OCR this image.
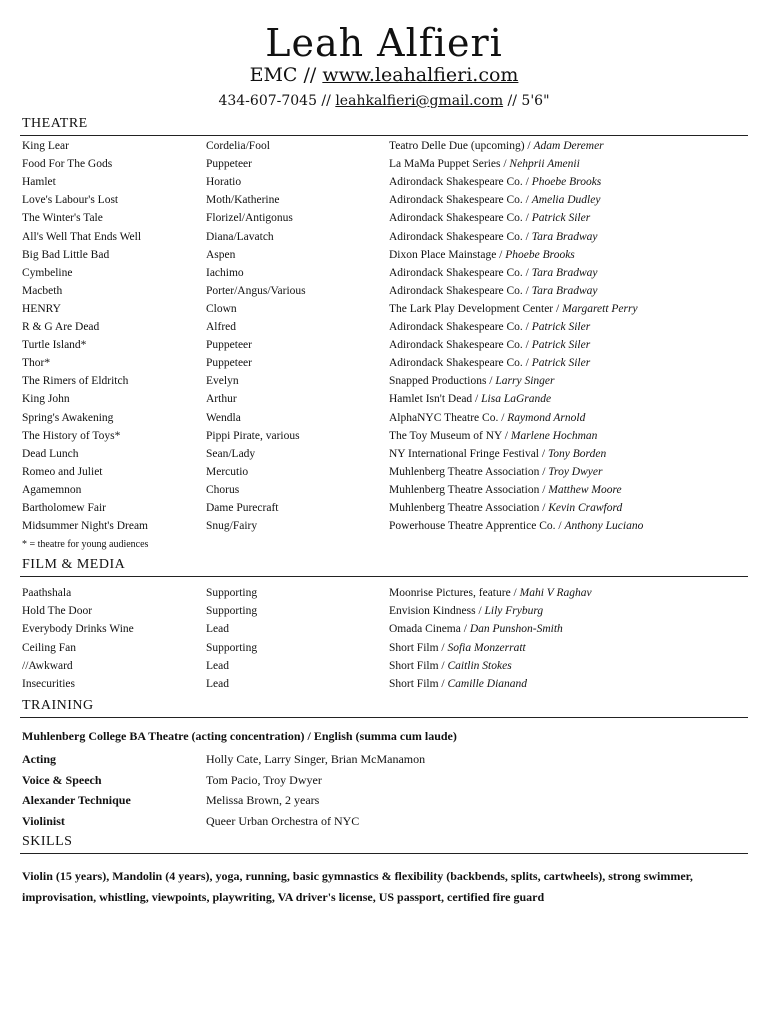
Leah Alfieri
EMC // www.leahalfieri.com
434-607-7045 // leahkalfieri@gmail.com // 5'6"
THEATRE
King Lear	Cordelia/Fool	Teatro Delle Due (upcoming) / Adam Deremer
Food For The Gods	Puppeteer	La MaMa Puppet Series / Nehprii Amenii
Hamlet	Horatio	Adirondack Shakespeare Co. / Phoebe Brooks
Love's Labour's Lost	Moth/Katherine	Adirondack Shakespeare Co. / Amelia Dudley
The Winter's Tale	Florizel/Antigonus	Adirondack Shakespeare Co. / Patrick Siler
All's Well That Ends Well	Diana/Lavatch	Adirondack Shakespeare Co. / Tara Bradway
Big Bad Little Bad	Aspen	Dixon Place Mainstage / Phoebe Brooks
Cymbeline	Iachimo	Adirondack Shakespeare Co. / Tara Bradway
Macbeth	Porter/Angus/Various	Adirondack Shakespeare Co. / Tara Bradway
HENRY	Clown	The Lark Play Development Center / Margarett Perry
R & G Are Dead	Alfred	Adirondack Shakespeare Co. / Patrick Siler
Turtle Island*	Puppeteer	Adirondack Shakespeare Co. / Patrick Siler
Thor*	Puppeteer	Adirondack Shakespeare Co. / Patrick Siler
The Rimers of Eldritch	Evelyn	Snapped Productions / Larry Singer
King John	Arthur	Hamlet Isn't Dead / Lisa LaGrande
Spring's Awakening	Wendla	AlphaNYC Theatre Co. / Raymond Arnold
The History of Toys*	Pippi Pirate, various	The Toy Museum of NY / Marlene Hochman
Dead Lunch	Sean/Lady	NY International Fringe Festival / Tony Borden
Romeo and Juliet	Mercutio	Muhlenberg Theatre Association / Troy Dwyer
Agamemnon	Chorus	Muhlenberg Theatre Association / Matthew Moore
Bartholomew Fair	Dame Purecraft	Muhlenberg Theatre Association / Kevin Crawford
Midsummer Night's Dream	Snug/Fairy	Powerhouse Theatre Apprentice Co. / Anthony Luciano
* = theatre for young audiences
FILM & MEDIA
Paathshala	Supporting	Moonrise Pictures, feature / Mahi V Raghav
Hold The Door	Supporting	Envision Kindness / Lily Fryburg
Everybody Drinks Wine	Lead	Omada Cinema / Dan Punshon-Smith
Ceiling Fan	Supporting	Short Film / Sofia Monzerratt
//Awkward	Lead	Short Film / Caitlin Stokes
Insecurities	Lead	Short Film / Camille Dianand
TRAINING
Muhlenberg College BA Theatre (acting concentration) / English (summa cum laude)
Acting	Holly Cate, Larry Singer, Brian McManamon
Voice & Speech	Tom Pacio, Troy Dwyer
Alexander Technique	Melissa Brown, 2 years
Violinist	Queer Urban Orchestra of NYC
SKILLS
Violin (15 years), Mandolin (4 years), yoga, running, basic gymnastics & flexibility (backbends, splits, cartwheels), strong swimmer, improvisation, whistling, viewpoints, playwriting, VA driver's license, US passport, certified fire guard
